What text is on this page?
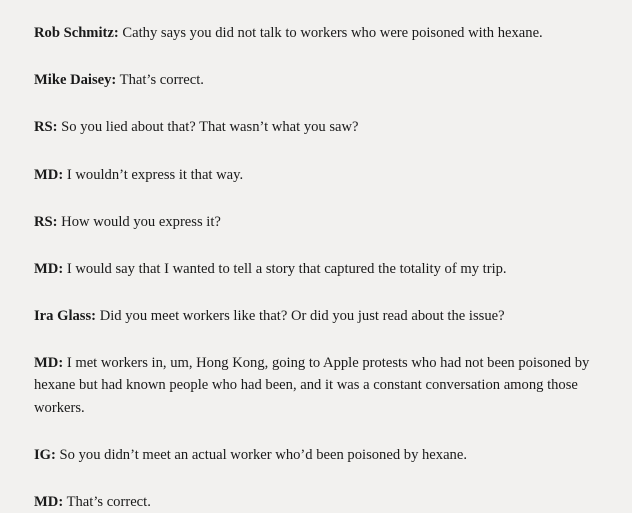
Rob Schmitz: Cathy says you did not talk to workers who were poisoned with hexane.

Mike Daisey: That’s correct.

RS: So you lied about that? That wasn’t what you saw?

MD: I wouldn’t express it that way.

RS: How would you express it?

MD: I would say that I wanted to tell a story that captured the totality of my trip.

Ira Glass: Did you meet workers like that? Or did you just read about the issue?

MD: I met workers in, um, Hong Kong, going to Apple protests who had not been poisoned by hexane but had known people who had been, and it was a constant conversation among those workers.

IG: So you didn’t meet an actual worker who’d been poisoned by hexane.

MD: That’s correct.
